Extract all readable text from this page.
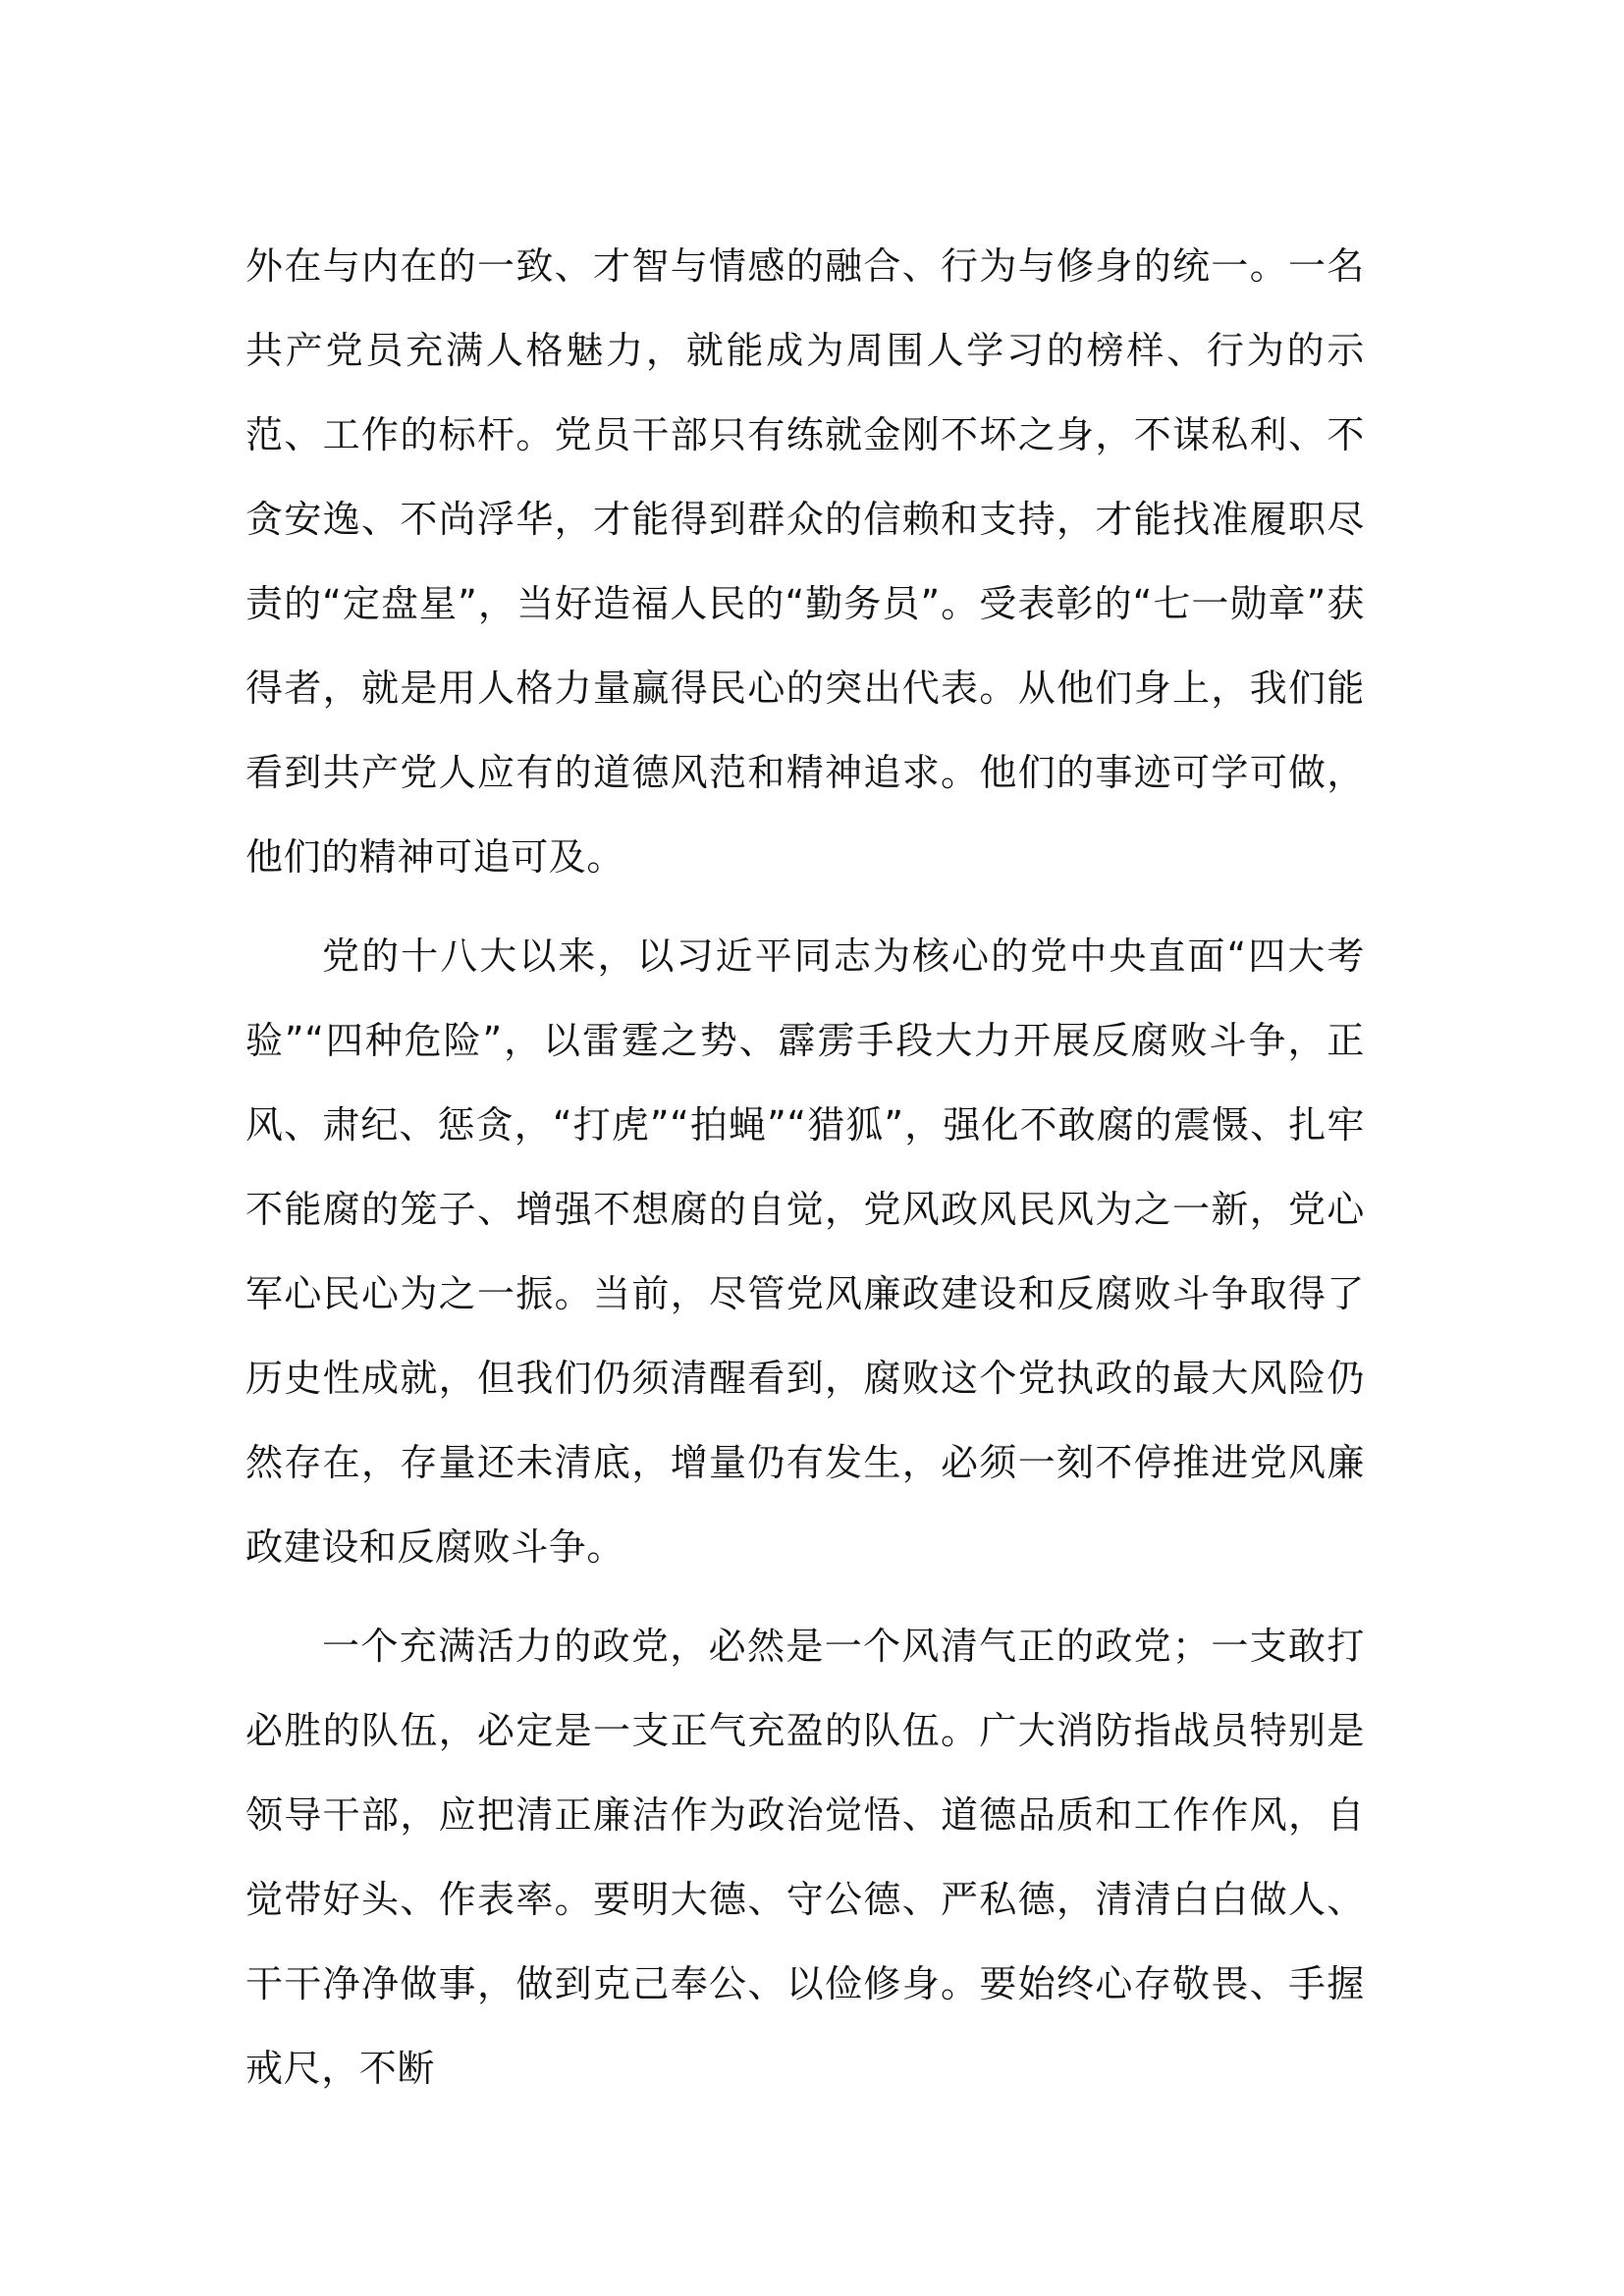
外在与内在的一致、才智与情感的融合、行为与修身的统一。一名共产党员充满人格魅力，就能成为周围人学习的榜样、行为的示范、工作的标杆。党员干部只有练就金刚不坏之身，不谋私利、不贪安逸、不尚浮华，才能得到群众的信赖和支持，才能找准履职尽责的“定盘星”，当好造福人民的“勤务员”。受表彰的“七一勋章”获得者，就是用人格力量赢得民心的突出代表。从他们身上，我们能看到共产党人应有的道德风范和精神追求。他们的事迹可学可做，他们的精神可追可及。

党的十八大以来，以习近平同志为核心的党中央直面“四大考验”“四种危险”，以雷霆之势、霹雳手段大力开展反腐败斗争，正风、肃纪、惩贪，“打虎”“拍蝇”“猎狐”，强化不敢腐的震慑、扎牢不能腐的笼子、增强不想腐的自觉，党风政风民风为之一新，党心军心民心为之一振。当前，尽管党风廉政建设和反腐败斗争取得了历史性成就，但我们仍须清醒看到，腐败这个党执政的最大风险仍然存在，存量还未清底，增量仍有发生，必须一刻不停推进党风廉政建设和反腐败斗争。

一个充满活力的政党，必然是一个风清气正的政党；一支敢打必胜的队伍，必定是一支正气充盈的队伍。广大消防指战员特别是领导干部，应把清正廉洁作为政治觉悟、道德品质和工作作风，自觉带好头、作表率。要明大德、守公德、严私德，清清白白做人、干干净净做事，做到克己奉公、以俭修身。要始终心存敬畏、手握戒尺，不断
